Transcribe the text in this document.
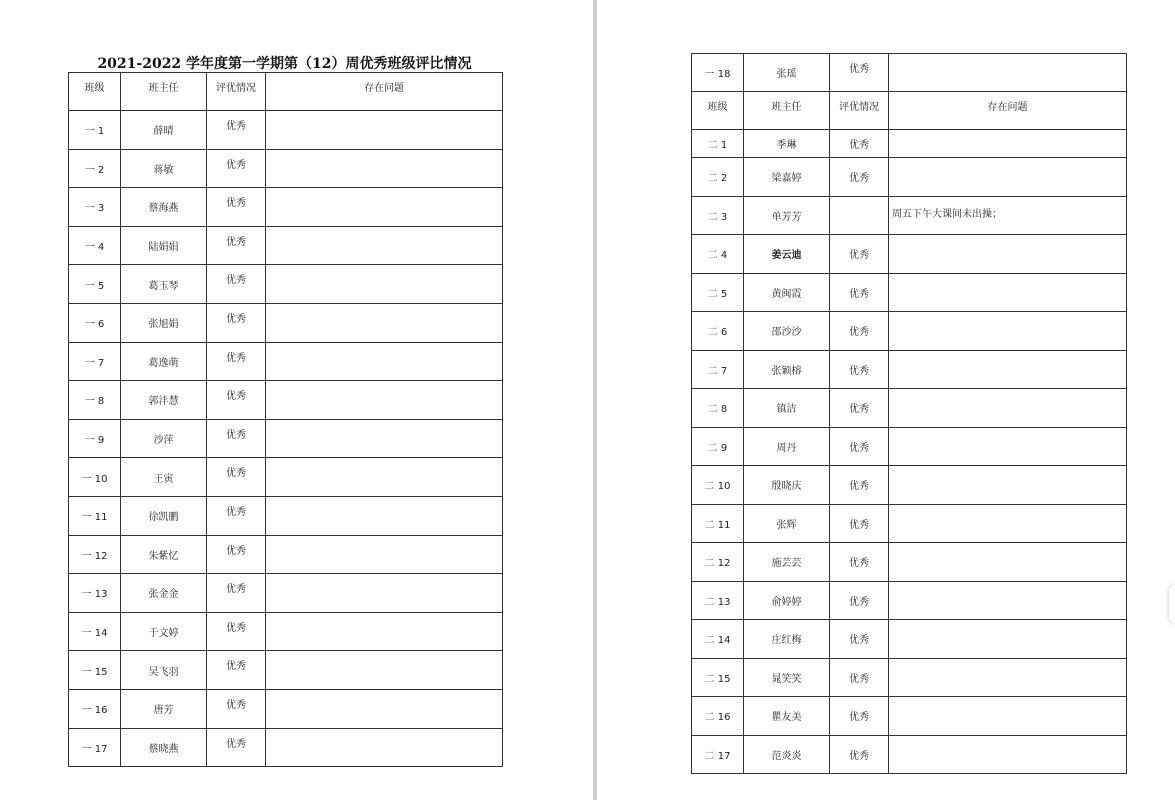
2021-2022 学年度第一学期第（12）周优秀班级评比情况
班级	班主任	评优情况	存在问题
一 1	薛晴	优秀	
一 2	蒋敏	优秀	
一 3	蔡海燕	优秀	
一 4	陆娟娟	优秀	
一 5	葛玉琴	优秀	
一 6	张旭娟	优秀	
一 7	葛逸萌	优秀	
一 8	郭沣慧	优秀	
一 9	沙萍	优秀	
一 10	王寅	优秀	
一 11	徐凯鹏	优秀	
一 12	朱紫忆	优秀	
一 13	张金金	优秀	
一 14	于文婷	优秀	
一 15	吴飞羽	优秀	
一 16	唐芳	优秀	
一 17	蔡晓燕	优秀	
一 18	张瑶	优秀	
班级	班主任	评优情况	存在问题
二 1	季琳	优秀	
二 2	梁嘉婷	优秀	
二 3	单芳芳		周五下午大课间未出操；
二 4	姜云迪	优秀	
二 5	黄闽霞	优秀	
二 6	邵沙沙	优秀	
二 7	张颖榕	优秀	
二 8	镇洁	优秀	
二 9	周丹	优秀	
二 10	殷晓庆	优秀	
二 11	张辉	优秀	
二 12	施芸芸	优秀	
二 13	俞婷婷	优秀	
二 14	庄红梅	优秀	
二 15	晁笑笑	优秀	
二 16	瞿友美	优秀	
二 17	范炎炎	优秀	
